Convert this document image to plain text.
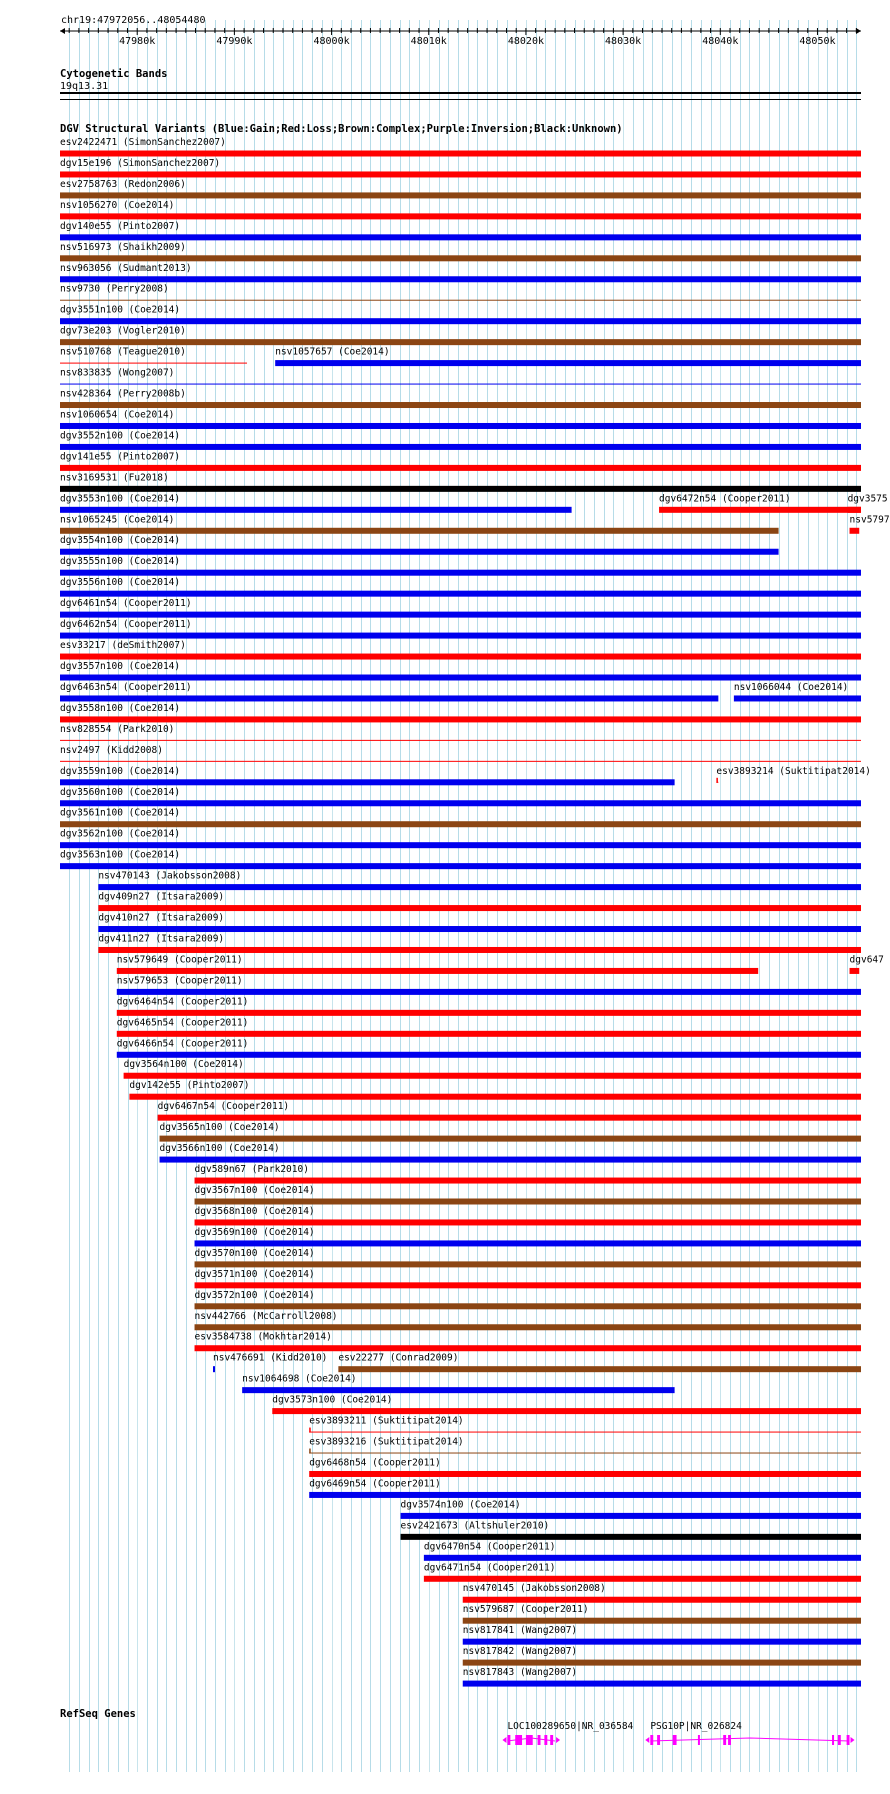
chr19:47972056..48054480
47980k	47990k	48000k	48010k	48020k	48030k	48040k	48050k
Cytogenetic Bands
19q13.31
DGV Structural Variants (Blue:Gain;Red:Loss;Brown:Complex;Purple:Inversion;Black:Unknown)
esv2422471 (SimonSanchez2007)
dgv15e196 (SimonSanchez2007)
esv2758763 (Redon2006)
nsv1056270 (Coe2014)
dgv140e55 (Pinto2007)
nsv516973 (Shaikh2009)
nsv963056 (Sudmant2013)
nsv9730 (Perry2008)
dgv3551n100 (Coe2014)
dgv73e203 (Vogler2010)
nsv510768 (Teague2010)	nsv1057657 (Coe2014)
nsv833835 (Wong2007)
nsv428364 (Perry2008b)
nsv1060654 (Coe2014)
dgv3552n100 (Coe2014)
dgv141e55 (Pinto2007)
nsv3169531 (Fu2018)
dgv3553n100 (Coe2014)	dgv6472n54 (Cooper2011)	dgv3575
nsv1065245 (Coe2014)	nsv5797
dgv3554n100 (Coe2014)
dgv3555n100 (Coe2014)
dgv3556n100 (Coe2014)
dgv6461n54 (Cooper2011)
dgv6462n54 (Cooper2011)
esv33217 (deSmith2007)
dgv3557n100 (Coe2014)
dgv6463n54 (Cooper2011)	nsv1066044 (Coe2014)
dgv3558n100 (Coe2014)
nsv828554 (Park2010)
nsv2497 (Kidd2008)
dgv3559n100 (Coe2014)	esv3893214 (Suktitipat2014)
dgv3560n100 (Coe2014)
dgv3561n100 (Coe2014)
dgv3562n100 (Coe2014)
dgv3563n100 (Coe2014)
nsv470143 (Jakobsson2008)
dgv409n27 (Itsara2009)
dgv410n27 (Itsara2009)
dgv411n27 (Itsara2009)
nsv579649 (Cooper2011)	dgv647
nsv579653 (Cooper2011)
dgv6464n54 (Cooper2011)
dgv6465n54 (Cooper2011)
dgv6466n54 (Cooper2011)
dgv3564n100 (Coe2014)
dgv142e55 (Pinto2007)
dgv6467n54 (Cooper2011)
dgv3565n100 (Coe2014)
dgv3566n100 (Coe2014)
dgv589n67 (Park2010)
dgv3567n100 (Coe2014)
dgv3568n100 (Coe2014)
dgv3569n100 (Coe2014)
dgv3570n100 (Coe2014)
dgv3571n100 (Coe2014)
dgv3572n100 (Coe2014)
nsv442766 (McCarroll2008)
esv3584738 (Mokhtar2014)
nsv476691 (Kidd2010) esv22277 (Conrad2009)
nsv1064698 (Coe2014)
dgv3573n100 (Coe2014)
esv3893211 (Suktitipat2014)
esv3893216 (Suktitipat2014)
dgv6468n54 (Cooper2011)
dgv6469n54 (Cooper2011)
dgv3574n100 (Coe2014)
esv2421673 (Altshuler2010)
dgv6470n54 (Cooper2011)
dgv6471n54 (Cooper2011)
nsv470145 (Jakobsson2008)
nsv579687 (Cooper2011)
nsv817841 (Wang2007)
nsv817842 (Wang2007)
nsv817843 (Wang2007)
RefSeq Genes
LOC100289650|NR_036584 PSG10P|NR_026824
